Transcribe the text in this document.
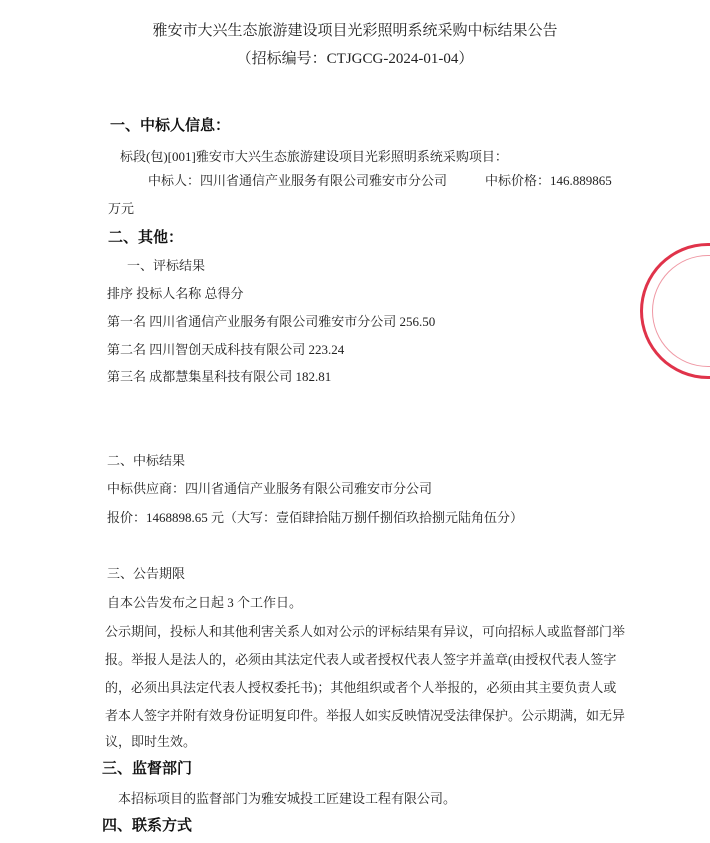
雅安市大兴生态旅游建设项目光彩照明系统采购中标结果公告
（招标编号：CTJGCG-2024-01-04）
一、中标人信息：
标段(包)[001]雅安市大兴生态旅游建设项目光彩照明系统采购项目：
中标人：四川省通信产业服务有限公司雅安市分公司	中标价格：146.889865
万元
二、其他：
一、评标结果
排序 投标人名称 总得分
第一名 四川省通信产业服务有限公司雅安市分公司 256.50
第二名 四川智创天成科技有限公司 223.24
第三名 成都慧集星科技有限公司 182.81
二、中标结果
中标供应商：四川省通信产业服务有限公司雅安市分公司
报价：1468898.65 元（大写：壹佰肆拾陆万捌仟捌佰玖拾捌元陆角伍分）
三、公告期限
自本公告发布之日起 3 个工作日。
公示期间，投标人和其他利害关系人如对公示的评标结果有异议，可向招标人或监督部门举
报。举报人是法人的，必须由其法定代表人或者授权代表人签字并盖章(由授权代表人签字
的，必须出具法定代表人授权委托书)；其他组织或者个人举报的，必须由其主要负责人或
者本人签字并附有效身份证明复印件。举报人如实反映情况受法律保护。公示期满，如无异
议，即时生效。
三、监督部门
本招标项目的监督部门为雅安城投工匠建设工程有限公司。
四、联系方式
